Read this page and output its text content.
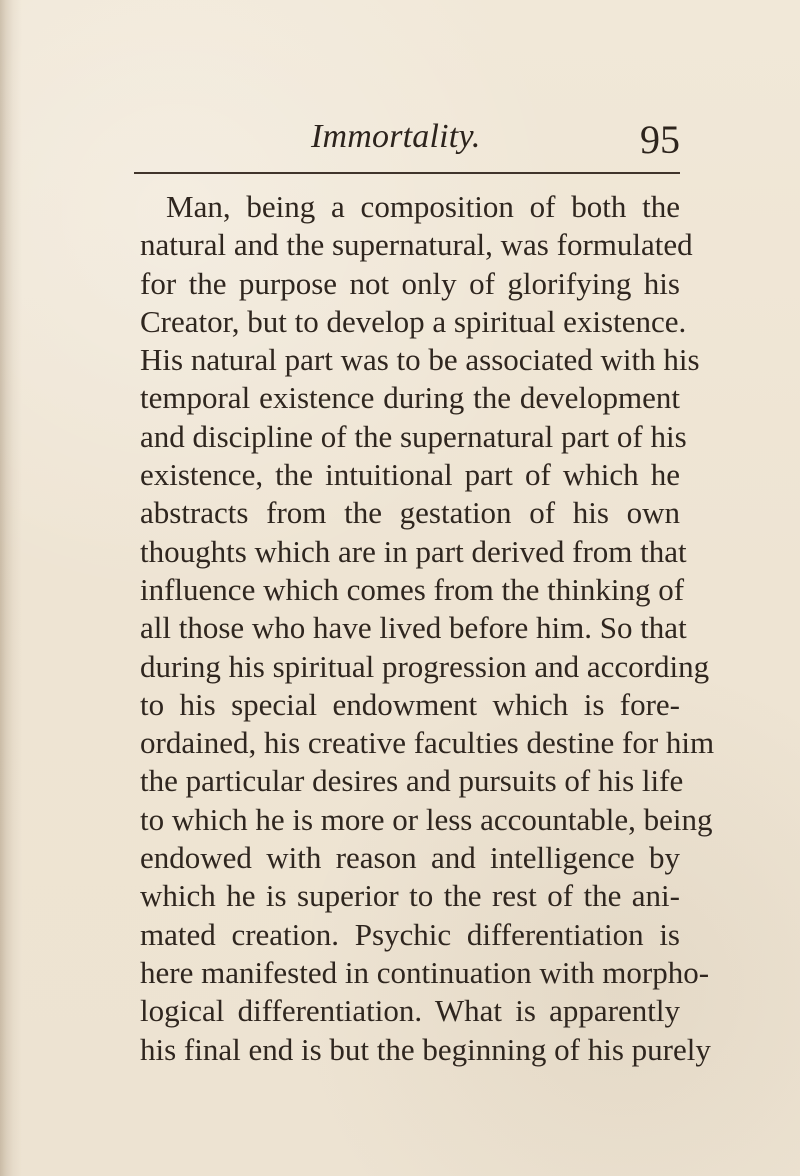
Immortality.	95
Man, being a composition of both the
natural and the supernatural, was formulated
for the purpose not only of glorifying his
Creator, but to develop a spiritual existence.
His natural part was to be associated with his
temporal existence during the development
and discipline of the supernatural part of his
existence, the intuitional part of which he
abstracts from the gestation of his own
thoughts which are in part derived from that
influence which comes from the thinking of
all those who have lived before him. So that
during his spiritual progression and according
to his special endowment which is fore-
ordained, his creative faculties destine for him
the particular desires and pursuits of his life
to which he is more or less accountable, being
endowed with reason and intelligence by
which he is superior to the rest of the ani-
mated creation. Psychic differentiation is
here manifested in continuation with morpho-
logical differentiation. What is apparently
his final end is but the beginning of his purely
